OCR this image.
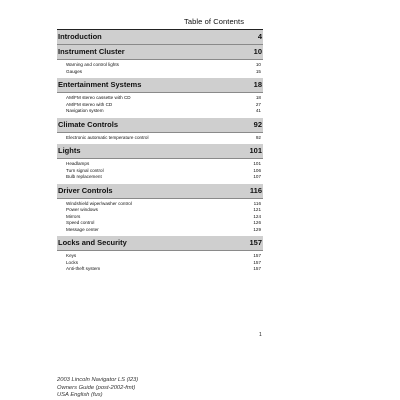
Table of Contents
Introduction	4
Instrument Cluster	10
Warning and control lights	10
Gauges	15
Entertainment Systems	18
AM/FM stereo cassette with CD	18
AM/FM stereo with CD	27
Navigation system	41
Climate Controls	92
Electronic automatic temperature control	92
Lights	101
Headlamps	101
Turn signal control	106
Bulb replacement	107
Driver Controls	116
Windshield wiper/washer control	116
Power windows	121
Mirrors	124
Speed control	126
Message center	129
Locks and Security	157
Keys	157
Locks	157
Anti-theft system	157
1
2003 Lincoln Navigator LS (l23)
Owners Guide (post-2002-fmt)
USA English (fus)
